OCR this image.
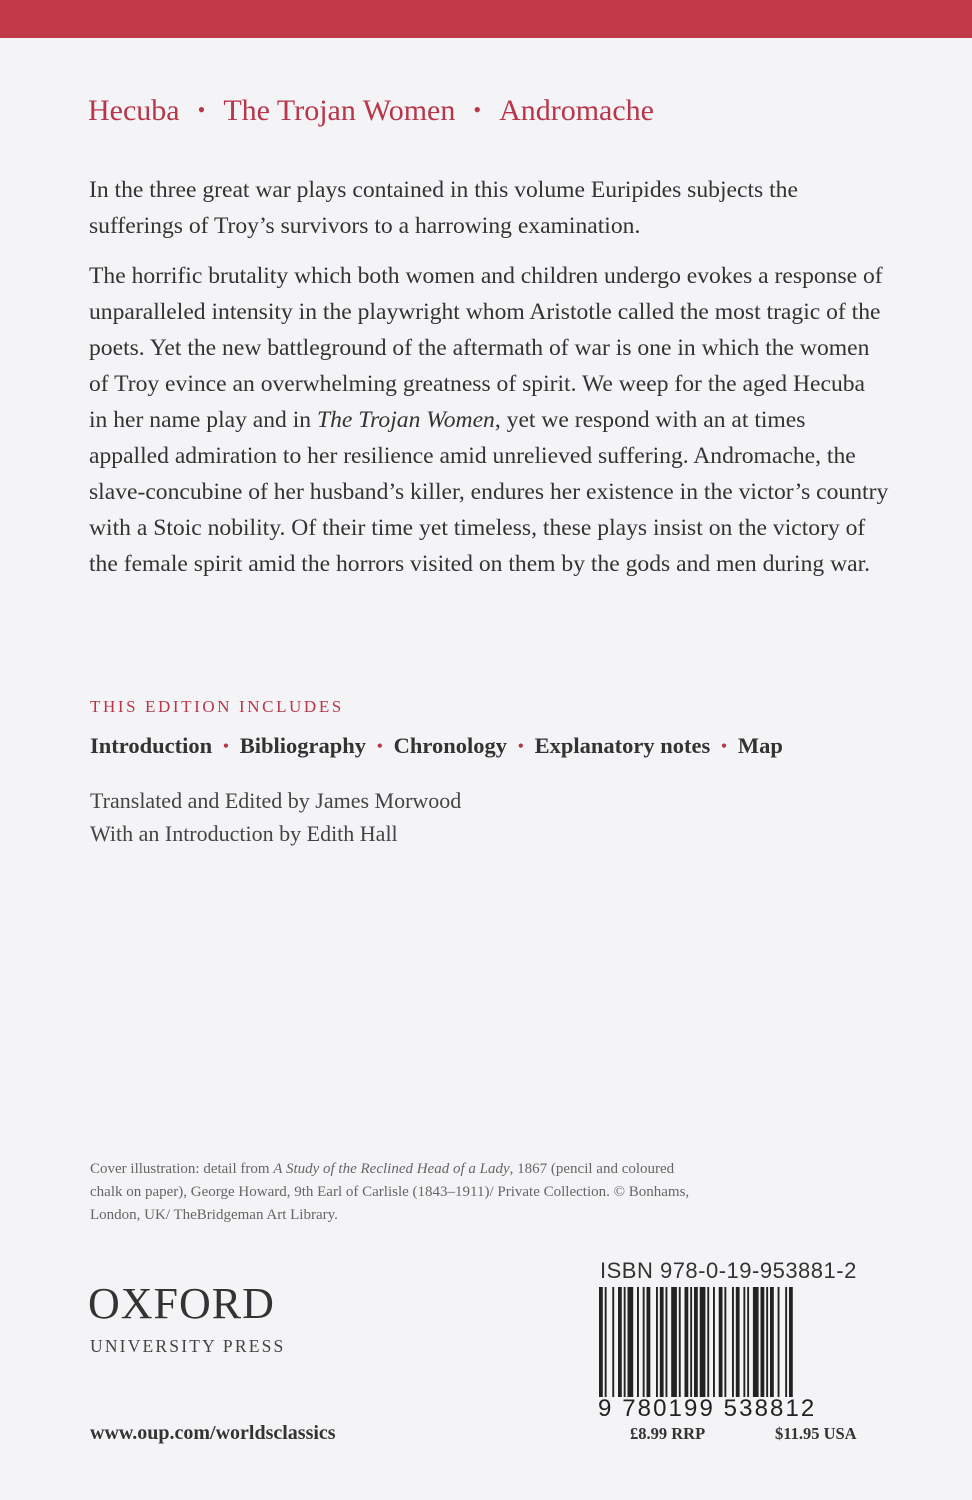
Hecuba • The Trojan Women • Andromache

In the three great war plays contained in this volume Euripides subjects the sufferings of Troy’s survivors to a harrowing examination.

The horrific brutality which both women and children undergo evokes a response of unparalleled intensity in the playwright whom Aristotle called the most tragic of the poets. Yet the new battleground of the aftermath of war is one in which the women of Troy evince an overwhelming greatness of spirit. We weep for the aged Hecuba in her name play and in The Trojan Women, yet we respond with an at times appalled admiration to her resilience amid unrelieved suffering. Andromache, the slave-concubine of her husband’s killer, endures her existence in the victor’s country with a Stoic nobility. Of their time yet timeless, these plays insist on the victory of the female spirit amid the horrors visited on them by the gods and men during war.

THIS EDITION INCLUDES
Introduction • Bibliography • Chronology • Explanatory notes • Map
Translated and Edited by James Morwood
With an Introduction by Edith Hall
Cover illustration: detail from A Study of the Reclined Head of a Lady, 1867 (pencil and coloured chalk on paper), George Howard, 9th Earl of Carlisle (1843–1911)/ Private Collection. © Bonhams, London, UK/ TheBridgeman Art Library.
OXFORD
UNIVERSITY PRESS
ISBN 978-0-19-953881-2
9 780199 538812
www.oup.com/worldsclassics	£8.99 RRP	$11.95 USA
